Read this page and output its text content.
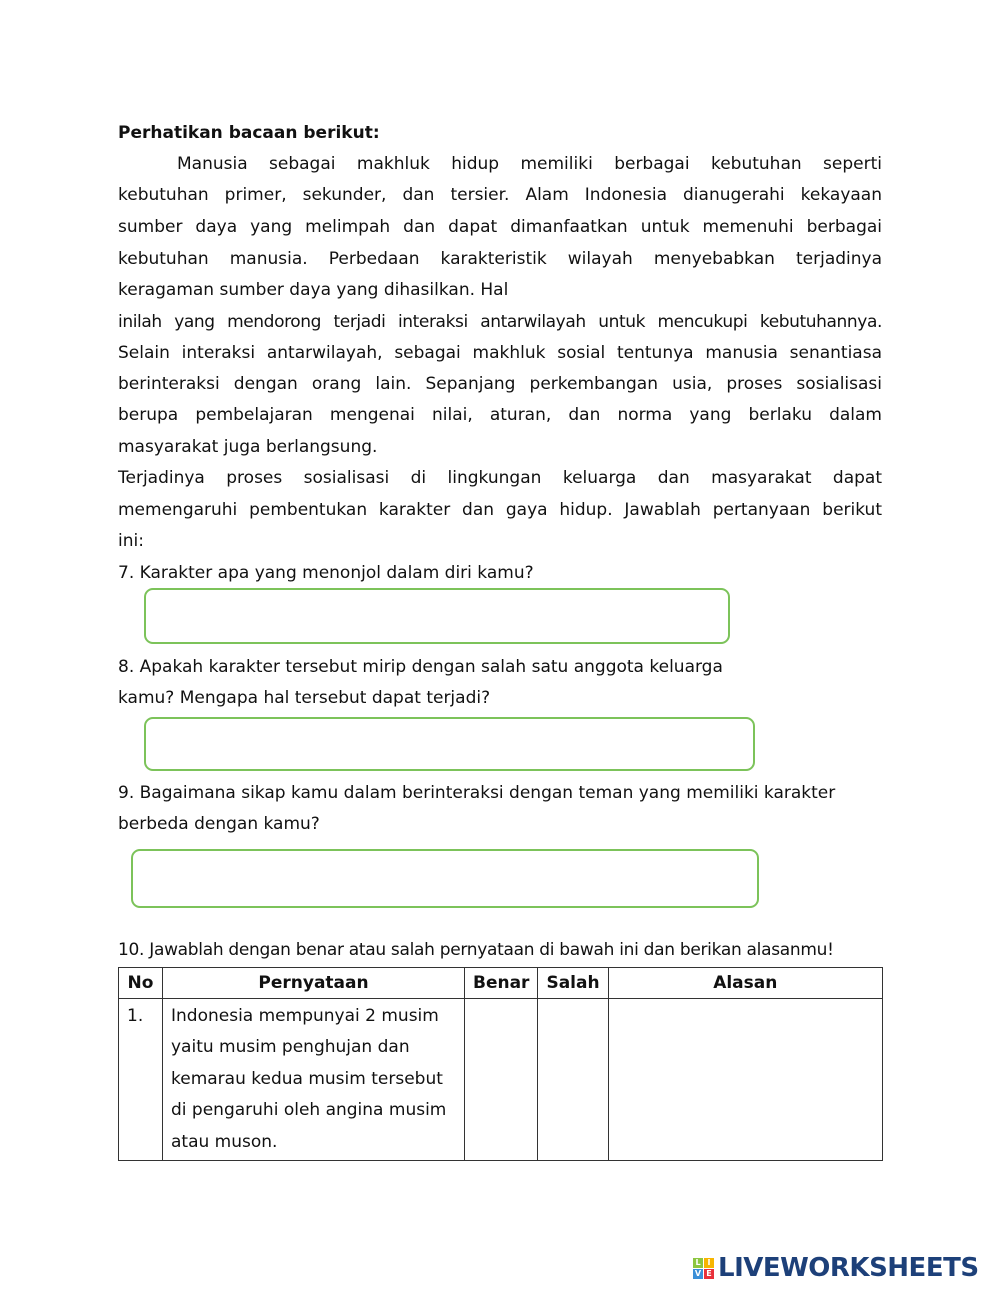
Perhatikan bacaan berikut:
Manusia sebagai makhluk hidup memiliki berbagai kebutuhan seperti
kebutuhan primer, sekunder, dan tersier. Alam Indonesia dianugerahi kekayaan
sumber daya yang melimpah dan dapat dimanfaatkan untuk memenuhi berbagai
kebutuhan manusia. Perbedaan karakteristik wilayah menyebabkan terjadinya
keragaman sumber daya yang dihasilkan. Hal
inilah yang mendorong terjadi interaksi antarwilayah untuk mencukupi kebutuhannya.
Selain interaksi antarwilayah, sebagai makhluk sosial tentunya manusia senantiasa
berinteraksi dengan orang lain. Sepanjang perkembangan usia, proses sosialisasi
berupa pembelajaran mengenai nilai, aturan, dan norma yang berlaku dalam
masyarakat juga berlangsung.
Terjadinya proses sosialisasi di lingkungan keluarga dan masyarakat dapat
memengaruhi pembentukan karakter dan gaya hidup. Jawablah pertanyaan berikut
ini:
7. Karakter apa yang menonjol dalam diri kamu?
8. Apakah karakter tersebut mirip dengan salah satu anggota keluarga
kamu? Mengapa hal tersebut dapat terjadi?
9. Bagaimana sikap kamu dalam berinteraksi dengan teman yang memiliki karakter
berbeda dengan kamu?
10. Jawablah dengan benar atau salah pernyataan di bawah ini dan berikan alasanmu!
No	Pernyataan	Benar	Salah	Alasan
1.	Indonesia mempunyai 2 musim
yaitu musim penghujan dan
kemarau kedua musim tersebut
di pengaruhi oleh angina musim
atau muson.			

L I
V E LIVEWORKSHEETS
